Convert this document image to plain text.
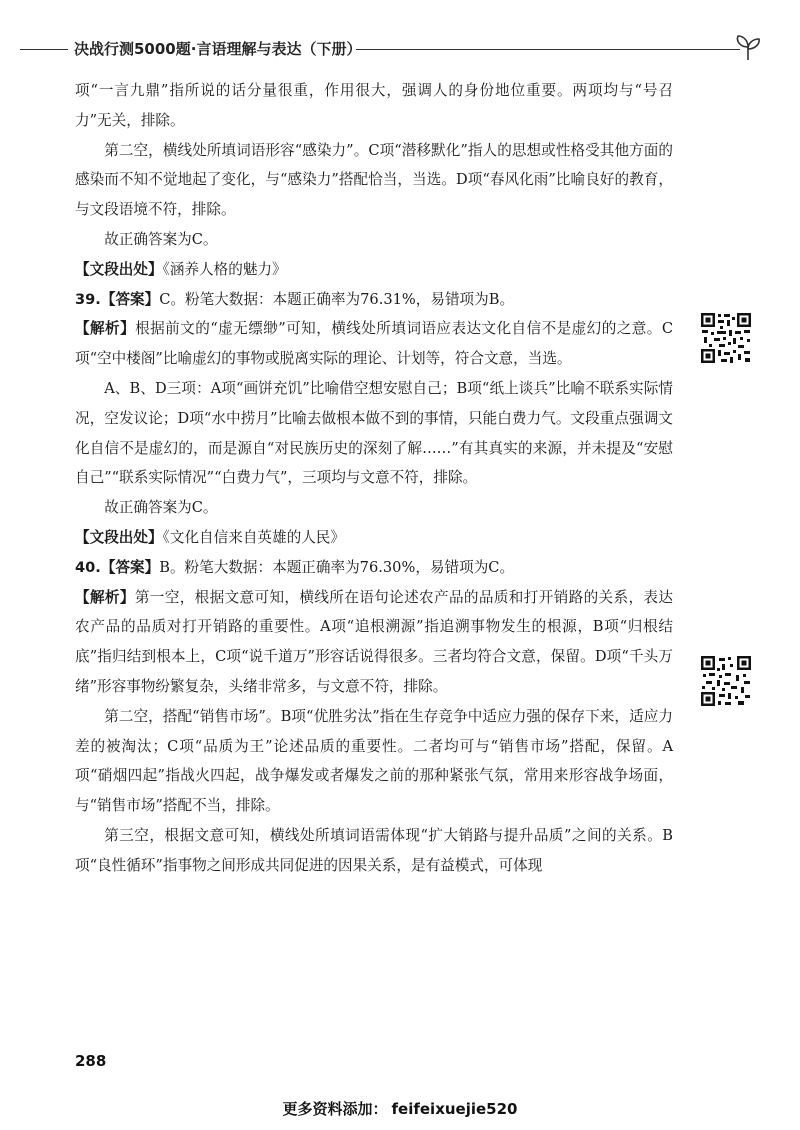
决战行测5000题·言语理解与表达（下册）

项“一言九鼎”指所说的话分量很重，作用很大，强调人的身份地位重要。两项均与“号召力”无关，排除。

第二空，横线处所填词语形容“感染力”。C项“潜移默化”指人的思想或性格受其他方面的感染而不知不觉地起了变化，与“感染力”搭配恰当，当选。D项“春风化雨”比喻良好的教育，与文段语境不符，排除。

故正确答案为C。

【文段出处】《涵养人格的魅力》

39.【答案】C。粉笔大数据：本题正确率为76.31%，易错项为B。

【解析】根据前文的“虚无缥缈”可知，横线处所填词语应表达文化自信不是虚幻的之意。C项“空中楼阁”比喻虚幻的事物或脱离实际的理论、计划等，符合文意，当选。

A、B、D三项：A项“画饼充饥”比喻借空想安慰自己；B项“纸上谈兵”比喻不联系实际情况，空发议论；D项“水中捞月”比喻去做根本做不到的事情，只能白费力气。文段重点强调文化自信不是虚幻的，而是源自“对民族历史的深刻了解……”有其真实的来源，并未提及“安慰自己”“联系实际情况”“白费力气”，三项均与文意不符，排除。

故正确答案为C。

【文段出处】《文化自信来自英雄的人民》

40.【答案】B。粉笔大数据：本题正确率为76.30%，易错项为C。

【解析】第一空，根据文意可知，横线所在语句论述农产品的品质和打开销路的关系，表达农产品的品质对打开销路的重要性。A项“追根溯源”指追溯事物发生的根源，B项“归根结底”指归结到根本上，C项“说千道万”形容话说得很多。三者均符合文意，保留。D项“千头万绪”形容事物纷繁复杂，头绪非常多，与文意不符，排除。

第二空，搭配“销售市场”。B项“优胜劣汰”指在生存竞争中适应力强的保存下来，适应力差的被淘汰；C项“品质为王”论述品质的重要性。二者均可与“销售市场”搭配，保留。A项“硝烟四起”指战火四起，战争爆发或者爆发之前的那种紧张气氛，常用来形容战争场面，与“销售市场”搭配不当，排除。

第三空，根据文意可知，横线处所填词语需体现“扩大销路与提升品质”之间的关系。B项“良性循环”指事物之间形成共同促进的因果关系，是有益模式，可体现

288
更多资料添加： feifeixuejie520
